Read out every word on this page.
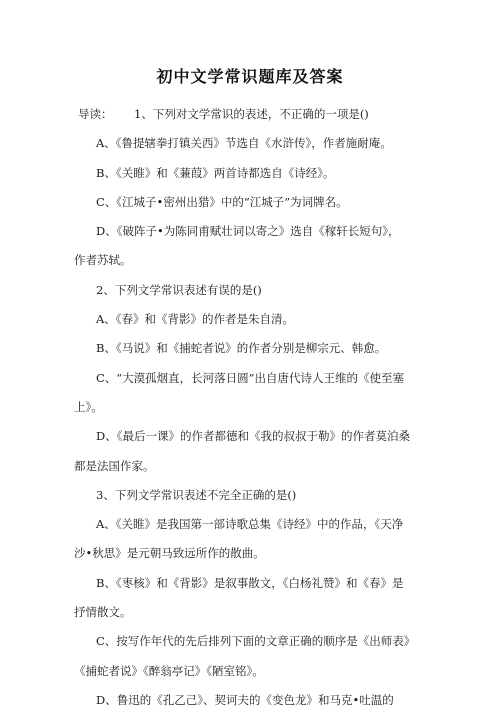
初中文学常识题库及答案
导读： 1、下列对文学常识的表述，不正确的一项是()
A、《鲁提辖拳打镇关西》节选自《水浒传》，作者施耐庵。
B、《关睢》和《蒹葭》两首诗都选自《诗经》。
C、《江城子•密州出猎》中的“江城子”为词牌名。
D、《破阵子•为陈同甫赋壮词以寄之》选自《稼轩长短句》，
作者苏轼。
2、下列文学常识表述有误的是()
A、《春》和《背影》的作者是朱自清。
B、《马说》和《捕蛇者说》的作者分别是柳宗元、韩愈。
C、“大漠孤烟直，长河落日圆”出自唐代诗人王维的《使至塞
上》。
D、《最后一课》的作者都德和《我的叔叔于勒》的作者莫泊桑
都是法国作家。
3、下列文学常识表述不完全正确的是()
A、《关睢》是我国第一部诗歌总集《诗经》中的作品，《天净
沙•秋思》是元朝马致远所作的散曲。
B、《枣核》和《背影》是叙事散文，《白杨礼赞》和《春》是
抒情散文。
C、按写作年代的先后排列下面的文章正确的顺序是《出师表》
《捕蛇者说》《醉翁亭记》《陋室铭》。
D、鲁迅的《孔乙己》、契诃夫的《变色龙》和马克•吐温的
